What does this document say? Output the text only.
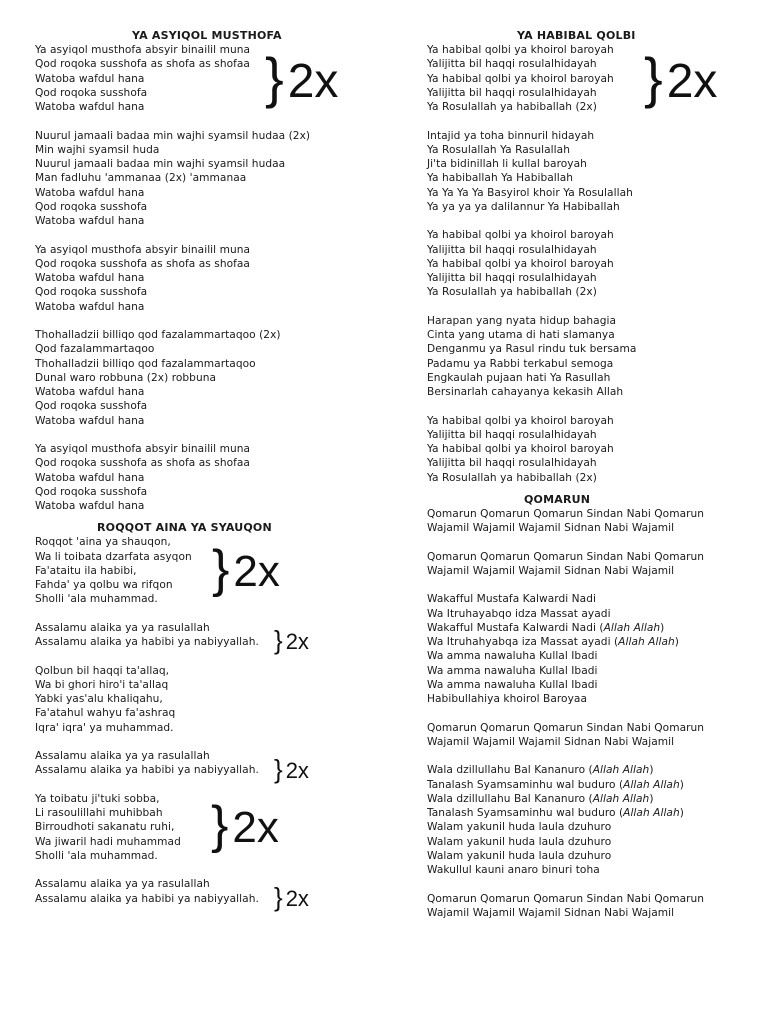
YA ASYIQOL MUSTHOFA
Ya asyiqol musthofa absyir binailil muna
Qod roqoka susshofa as shofa as shofaa
Watoba wafdul hana
Qod roqoka susshofa
Watoba wafdul hana
Nuurul jamaali badaa min wajhi syamsil hudaa (2x)
Min wajhi syamsil huda
Nuurul jamaali badaa min wajhi syamsil hudaa
Man fadluhu 'ammanaa (2x) 'ammanaa
Watoba wafdul hana
Qod roqoka susshofa
Watoba wafdul hana
Ya asyiqol musthofa absyir binailil muna
Qod roqoka susshofa as shofa as shofaa
Watoba wafdul hana
Qod roqoka susshofa
Watoba wafdul hana
Thohalladzii billiqo qod fazalammartaqoo (2x)
Qod fazalammartaqoo
Thohalladzii billiqo qod fazalammartaqoo
Dunal waro robbuna (2x) robbuna
Watoba wafdul hana
Qod roqoka susshofa
Watoba wafdul hana
Ya asyiqol musthofa absyir binailil muna
Qod roqoka susshofa as shofa as shofaa
Watoba wafdul hana
Qod roqoka susshofa
Watoba wafdul hana
ROQQOT AINA YA SYAUQON
Roqqot 'aina ya shauqon,
Wa li toibata dzarfata asyqon
Fa'ataitu ila habibi,
Fahda' ya qolbu wa rifqon
Sholli 'ala muhammad.
Assalamu alaika ya ya rasulallah
Assalamu alaika ya habibi ya nabiyyallah.
Qolbun bil haqqi ta'allaq,
Wa bi ghori hiro'i ta'allaq
Yabki yas'alu khaliqahu,
Fa'atahul wahyu fa'ashraq
Iqra' iqra' ya muhammad.
Assalamu alaika ya ya rasulallah
Assalamu alaika ya habibi ya nabiyyallah.
Ya toibatu ji'tuki sobba,
Li rasoulillahi muhibbah
Birroudhoti sakanatu ruhi,
Wa jiwaril hadi muhammad
Sholli 'ala muhammad.
Assalamu alaika ya ya rasulallah
Assalamu alaika ya habibi ya nabiyyallah.
}2x
}2x
} 2x
} 2x
}2x
} 2x
YA HABIBAL QOLBI
Ya habibal qolbi ya khoirol baroyah
Yalijitta bil haqqi rosulalhidayah
Ya habibal qolbi ya khoirol baroyah
Yalijitta bil haqqi rosulalhidayah
Ya Rosulallah ya habiballah (2x)
Intajid ya toha binnuril hidayah
Ya Rosulallah Ya Rasulallah
Ji'ta bidinillah li kullal baroyah
Ya habiballah Ya Habiballah
Ya Ya Ya Ya Basyirol khoir Ya Rosulallah
Ya ya ya ya dalilannur Ya Habiballah
Ya habibal qolbi ya khoirol baroyah
Yalijitta bil haqqi rosulalhidayah
Ya habibal qolbi ya khoirol baroyah
Yalijitta bil haqqi rosulalhidayah
Ya Rosulallah ya habiballah (2x)
Harapan yang nyata hidup bahagia
Cinta yang utama di hati slamanya
Denganmu ya Rasul rindu tuk bersama
Padamu ya Rabbi terkabul semoga
Engkaulah pujaan hati Ya Rasullah
Bersinarlah cahayanya kekasih Allah
Ya habibal qolbi ya khoirol baroyah
Yalijitta bil haqqi rosulalhidayah
Ya habibal qolbi ya khoirol baroyah
Yalijitta bil haqqi rosulalhidayah
Ya Rosulallah ya habiballah (2x)
QOMARUN
Qomarun Qomarun Qomarun Sindan Nabi Qomarun
Wajamil Wajamil Wajamil Sidnan Nabi Wajamil
Qomarun Qomarun Qomarun Sindan Nabi Qomarun
Wajamil Wajamil Wajamil Sidnan Nabi Wajamil
Wakafful Mustafa Kalwardi Nadi
Wa Itruhayabqo idza Massat ayadi
Wakafful Mustafa Kalwardi Nadi (Allah Allah)
Wa Itruhahyabqa iza Massat ayadi (Allah Allah)
Wa amma nawaluha Kullal Ibadi
Wa amma nawaluha Kullal Ibadi
Wa amma nawaluha Kullal Ibadi
Habibullahiya khoirol Baroyaa
Qomarun Qomarun Qomarun Sindan Nabi Qomarun
Wajamil Wajamil Wajamil Sidnan Nabi Wajamil
Wala dzillullahu Bal Kananuro (Allah Allah)
Tanalash Syamsaminhu wal buduro (Allah Allah)
Wala dzillullahu Bal Kananuro (Allah Allah)
Tanalash Syamsaminhu wal buduro (Allah Allah)
Walam yakunil huda laula dzuhuro
Walam yakunil huda laula dzuhuro
Walam yakunil huda laula dzuhuro
Wakullul kauni anaro binuri toha
Qomarun Qomarun Qomarun Sindan Nabi Qomarun
Wajamil Wajamil Wajamil Sidnan Nabi Wajamil
}2x
